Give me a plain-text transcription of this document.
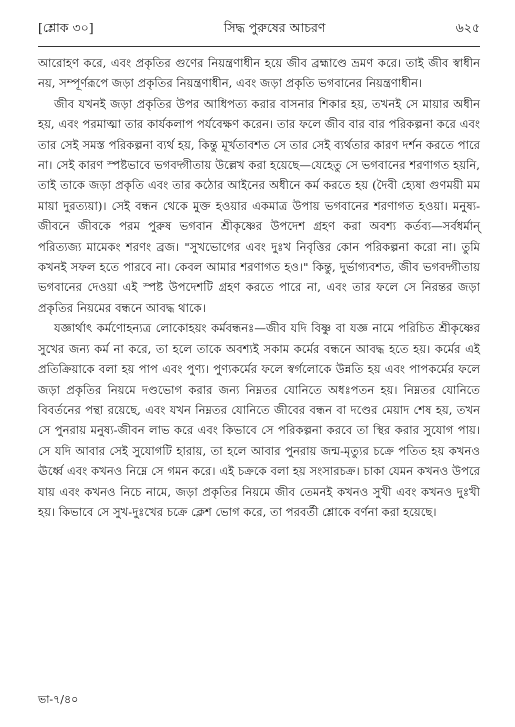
[শ্লোক ৩০]	সিদ্ধ পুরুষের আচরণ	৬২৫

আরোহণ করে, এবং প্রকৃতির গুণের নিয়ন্ত্রণাধীন হয়ে জীব ব্রহ্মাণ্ডে ভ্রমণ করে। তাই জীব স্বাধীন নয়, সম্পূর্ণরূপে জড়া প্রকৃতির নিয়ন্ত্রণাধীন, এবং জড়া প্রকৃতি ভগবানের নিয়ন্ত্রণাধীন।

জীব যখনই জড়া প্রকৃতির উপর আধিপত্য করার বাসনার শিকার হয়, তখনই সে মায়ার অধীন হয়, এবং পরমাত্মা তার কার্যকলাপ পর্যবেক্ষণ করেন। তার ফলে জীব বার বার পরিকল্পনা করে এবং তার সেই সমস্ত পরিকল্পনা ব্যর্থ হয়, কিন্তু মূর্খতাবশত সে তার সেই ব্যর্থতার কারণ দর্শন করতে পারে না। সেই কারণ স্পষ্টভাবে ভগবদ্গীতায় উল্লেখ করা হয়েছে—যেহেতু সে ভগবানের শরণাগত হয়নি, তাই তাকে জড়া প্রকৃতি এবং তার কঠোর আইনের অধীনে কর্ম করতে হয় (দৈবী হ্যেষা গুণময়ী মম মায়া দুরত্যয়া)। সেই বন্ধন থেকে মুক্ত হওয়ার একমাত্র উপায় ভগবানের শরণাগত হওয়া। মনুষ্য-জীবনে জীবকে পরম পুরুষ ভগবান শ্রীকৃষ্ণের উপদেশ গ্রহণ করা অবশ্য কর্তব্য—সর্বধর্মান্ পরিত্যজ্য মামেকং শরণং ব্রজ। "সুখভোগের এবং দুঃখ নিবৃত্তির কোন পরিকল্পনা করো না। তুমি কখনই সফল হতে পারবে না। কেবল আমার শরণাগত হও।" কিন্তু, দুর্ভাগ্যবশত, জীব ভগবদ্গীতায় ভগবানের দেওয়া এই স্পষ্ট উপদেশটি গ্রহণ করতে পারে না, এবং তার ফলে সে নিরন্তর জড়া প্রকৃতির নিয়মের বন্ধনে আবদ্ধ থাকে।

যজ্ঞার্থাৎ কর্মণোহন্যত্র লোকোহয়ং কর্মবন্ধনঃ—জীব যদি বিষ্ণু বা যজ্ঞ নামে পরিচিত শ্রীকৃষ্ণের সুখের জন্য কর্ম না করে, তা হলে তাকে অবশ্যই সকাম কর্মের বন্ধনে আবদ্ধ হতে হয়। কর্মের এই প্রতিক্রিয়াকে বলা হয় পাপ এবং পুণ্য। পুণ্যকর্মের ফলে স্বর্গলোকে উন্নতি হয় এবং পাপকর্মের ফলে জড়া প্রকৃতির নিয়মে দণ্ডভোগ করার জন্য নিম্নতর যোনিতে অধঃপতন হয়। নিম্নতর যোনিতে বিবর্তনের পন্থা রয়েছে, এবং যখন নিম্নতর যোনিতে জীবের বন্ধন বা দণ্ডের মেয়াদ শেষ হয়, তখন সে পুনরায় মনুষ্য-জীবন লাভ করে এবং কিভাবে সে পরিকল্পনা করবে তা স্থির করার সুযোগ পায়। সে যদি আবার সেই সুযোগটি হারায়, তা হলে আবার পুনরায় জন্ম-মৃত্যুর চক্রে পতিত হয় কখনও ঊর্ধ্বে এবং কখনও নিম্নে সে গমন করে। এই চক্রকে বলা হয় সংসারচক্র। চাকা যেমন কখনও উপরে যায় এবং কখনও নিচে নামে, জড়া প্রকৃতির নিয়মে জীব তেমনই কখনও সুখী এবং কখনও দুঃখী হয়। কিভাবে সে সুখ-দুঃখের চক্রে ক্লেশ ভোগ করে, তা পরবর্তী শ্লোকে বর্ণনা করা হয়েছে।

ভা-৭/৪০
